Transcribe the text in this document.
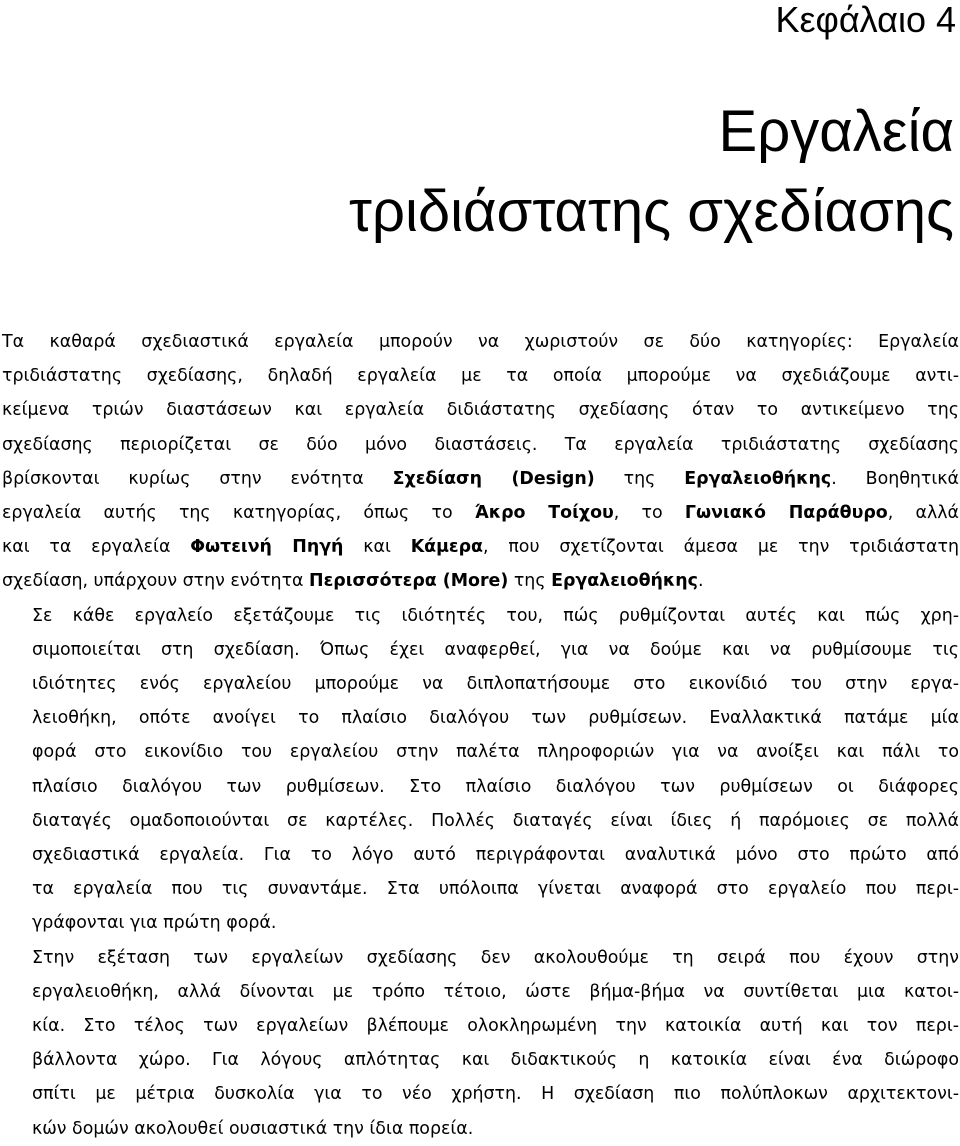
Κεφάλαιο 4
Εργαλεία
τριδιάστατης σχεδίασης

Τα καθαρά σχεδιαστικά εργαλεία μπορούν να χωριστούν σε δύο κατηγορίες: Εργαλεία
τριδιάστατης σχεδίασης, δηλαδή εργαλεία με τα οποία μπορούμε να σχεδιάζουμε αντι-
κείμενα τριών διαστάσεων και εργαλεία διδιάστατης σχεδίασης όταν το αντικείμενο της
σχεδίασης περιορίζεται σε δύο μόνο διαστάσεις. Τα εργαλεία τριδιάστατης σχεδίασης
βρίσκονται κυρίως στην ενότητα Σχεδίαση (Design) της Εργαλειοθήκης. Βοηθητικά
εργαλεία αυτής της κατηγορίας, όπως το Άκρο Τοίχου, το Γωνιακό Παράθυρο, αλλά
και τα εργαλεία Φωτεινή Πηγή και Κάμερα, που σχετίζονται άμεσα με την τριδιάστατη
σχεδίαση, υπάρχουν στην ενότητα Περισσότερα (More) της Εργαλειοθήκης.

Σε κάθε εργαλείο εξετάζουμε τις ιδιότητές του, πώς ρυθμίζονται αυτές και πώς χρη-
σιμοποιείται στη σχεδίαση. Όπως έχει αναφερθεί, για να δούμε και να ρυθμίσουμε τις
ιδιότητες ενός εργαλείου μπορούμε να διπλοπατήσουμε στο εικονίδιό του στην εργα-
λειοθήκη, οπότε ανοίγει το πλαίσιο διαλόγου των ρυθμίσεων. Εναλλακτικά πατάμε μία
φορά στο εικονίδιο του εργαλείου στην παλέτα πληροφοριών για να ανοίξει και πάλι το
πλαίσιο διαλόγου των ρυθμίσεων. Στο πλαίσιο διαλόγου των ρυθμίσεων οι διάφορες
διαταγές ομαδοποιούνται σε καρτέλες. Πολλές διαταγές είναι ίδιες ή παρόμοιες σε πολλά
σχεδιαστικά εργαλεία. Για το λόγο αυτό περιγράφονται αναλυτικά μόνο στο πρώτο από
τα εργαλεία που τις συναντάμε. Στα υπόλοιπα γίνεται αναφορά στο εργαλείο που περι-
γράφονται για πρώτη φορά.

Στην εξέταση των εργαλείων σχεδίασης δεν ακολουθούμε τη σειρά που έχουν στην
εργαλειοθήκη, αλλά δίνονται με τρόπο τέτοιο, ώστε βήμα-βήμα να συντίθεται μια κατοι-
κία. Στο τέλος των εργαλείων βλέπουμε ολοκληρωμένη την κατοικία αυτή και τον περι-
βάλλοντα χώρο. Για λόγους απλότητας και διδακτικούς η κατοικία είναι ένα διώροφο
σπίτι με μέτρια δυσκολία για το νέο χρήστη. Η σχεδίαση πιο πολύπλοκων αρχιτεκτονι-
κών δομών ακολουθεί ουσιαστικά την ίδια πορεία.
